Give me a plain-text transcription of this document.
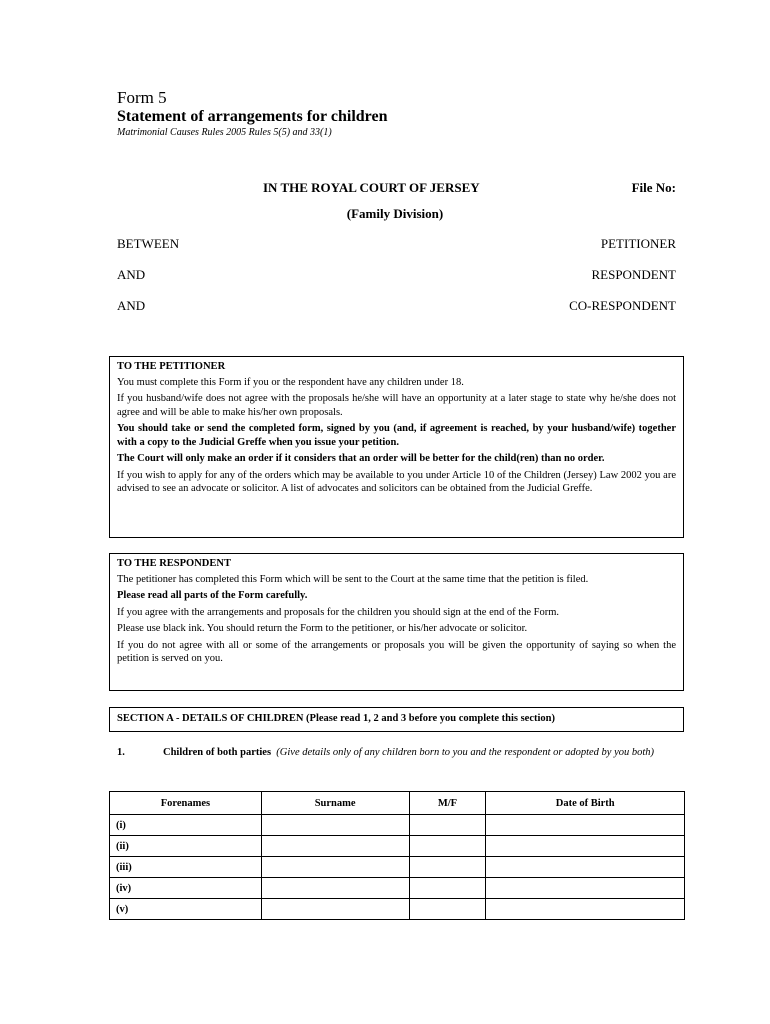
Form 5
Statement of arrangements for children
Matrimonial Causes Rules 2005 Rules 5(5) and 33(1)
IN THE ROYAL COURT OF JERSEY	File No:
(Family Division)
BETWEEN	PETITIONER
AND	RESPONDENT
AND	CO-RESPONDENT

TO THE PETITIONER

You must complete this Form if you or the respondent have any children under 18.

If you husband/wife does not agree with the proposals he/she will have an opportunity at a later stage to state why he/she does not agree and will be able to make his/her own proposals.

You should take or send the completed form, signed by you (and, if agreement is reached, by your husband/wife) together with a copy to the Judicial Greffe when you issue your petition.

The Court will only make an order if it considers that an order will be better for the child(ren) than no order.

If you wish to apply for any of the orders which may be available to you under Article 10 of the Children (Jersey) Law 2002 you are advised to see an advocate or solicitor. A list of advocates and solicitors can be obtained from the Judicial Greffe.

TO THE RESPONDENT

The petitioner has completed this Form which will be sent to the Court at the same time that the petition is filed.

Please read all parts of the Form carefully.

If you agree with the arrangements and proposals for the children you should sign at the end of the Form.

Please use black ink. You should return the Form to the petitioner, or his/her advocate or solicitor.

If you do not agree with all or some of the arrangements or proposals you will be given the opportunity of saying so when the petition is served on you.

SECTION A - DETAILS OF CHILDREN (Please read 1, 2 and 3 before you complete this section)
1.	Children of both parties (Give details only of any children born to you and the respondent or adopted by you both)
Forenames	Surname	M/F	Date of Birth
(i)			
(ii)			
(iii)			
(iv)			
(v)			
